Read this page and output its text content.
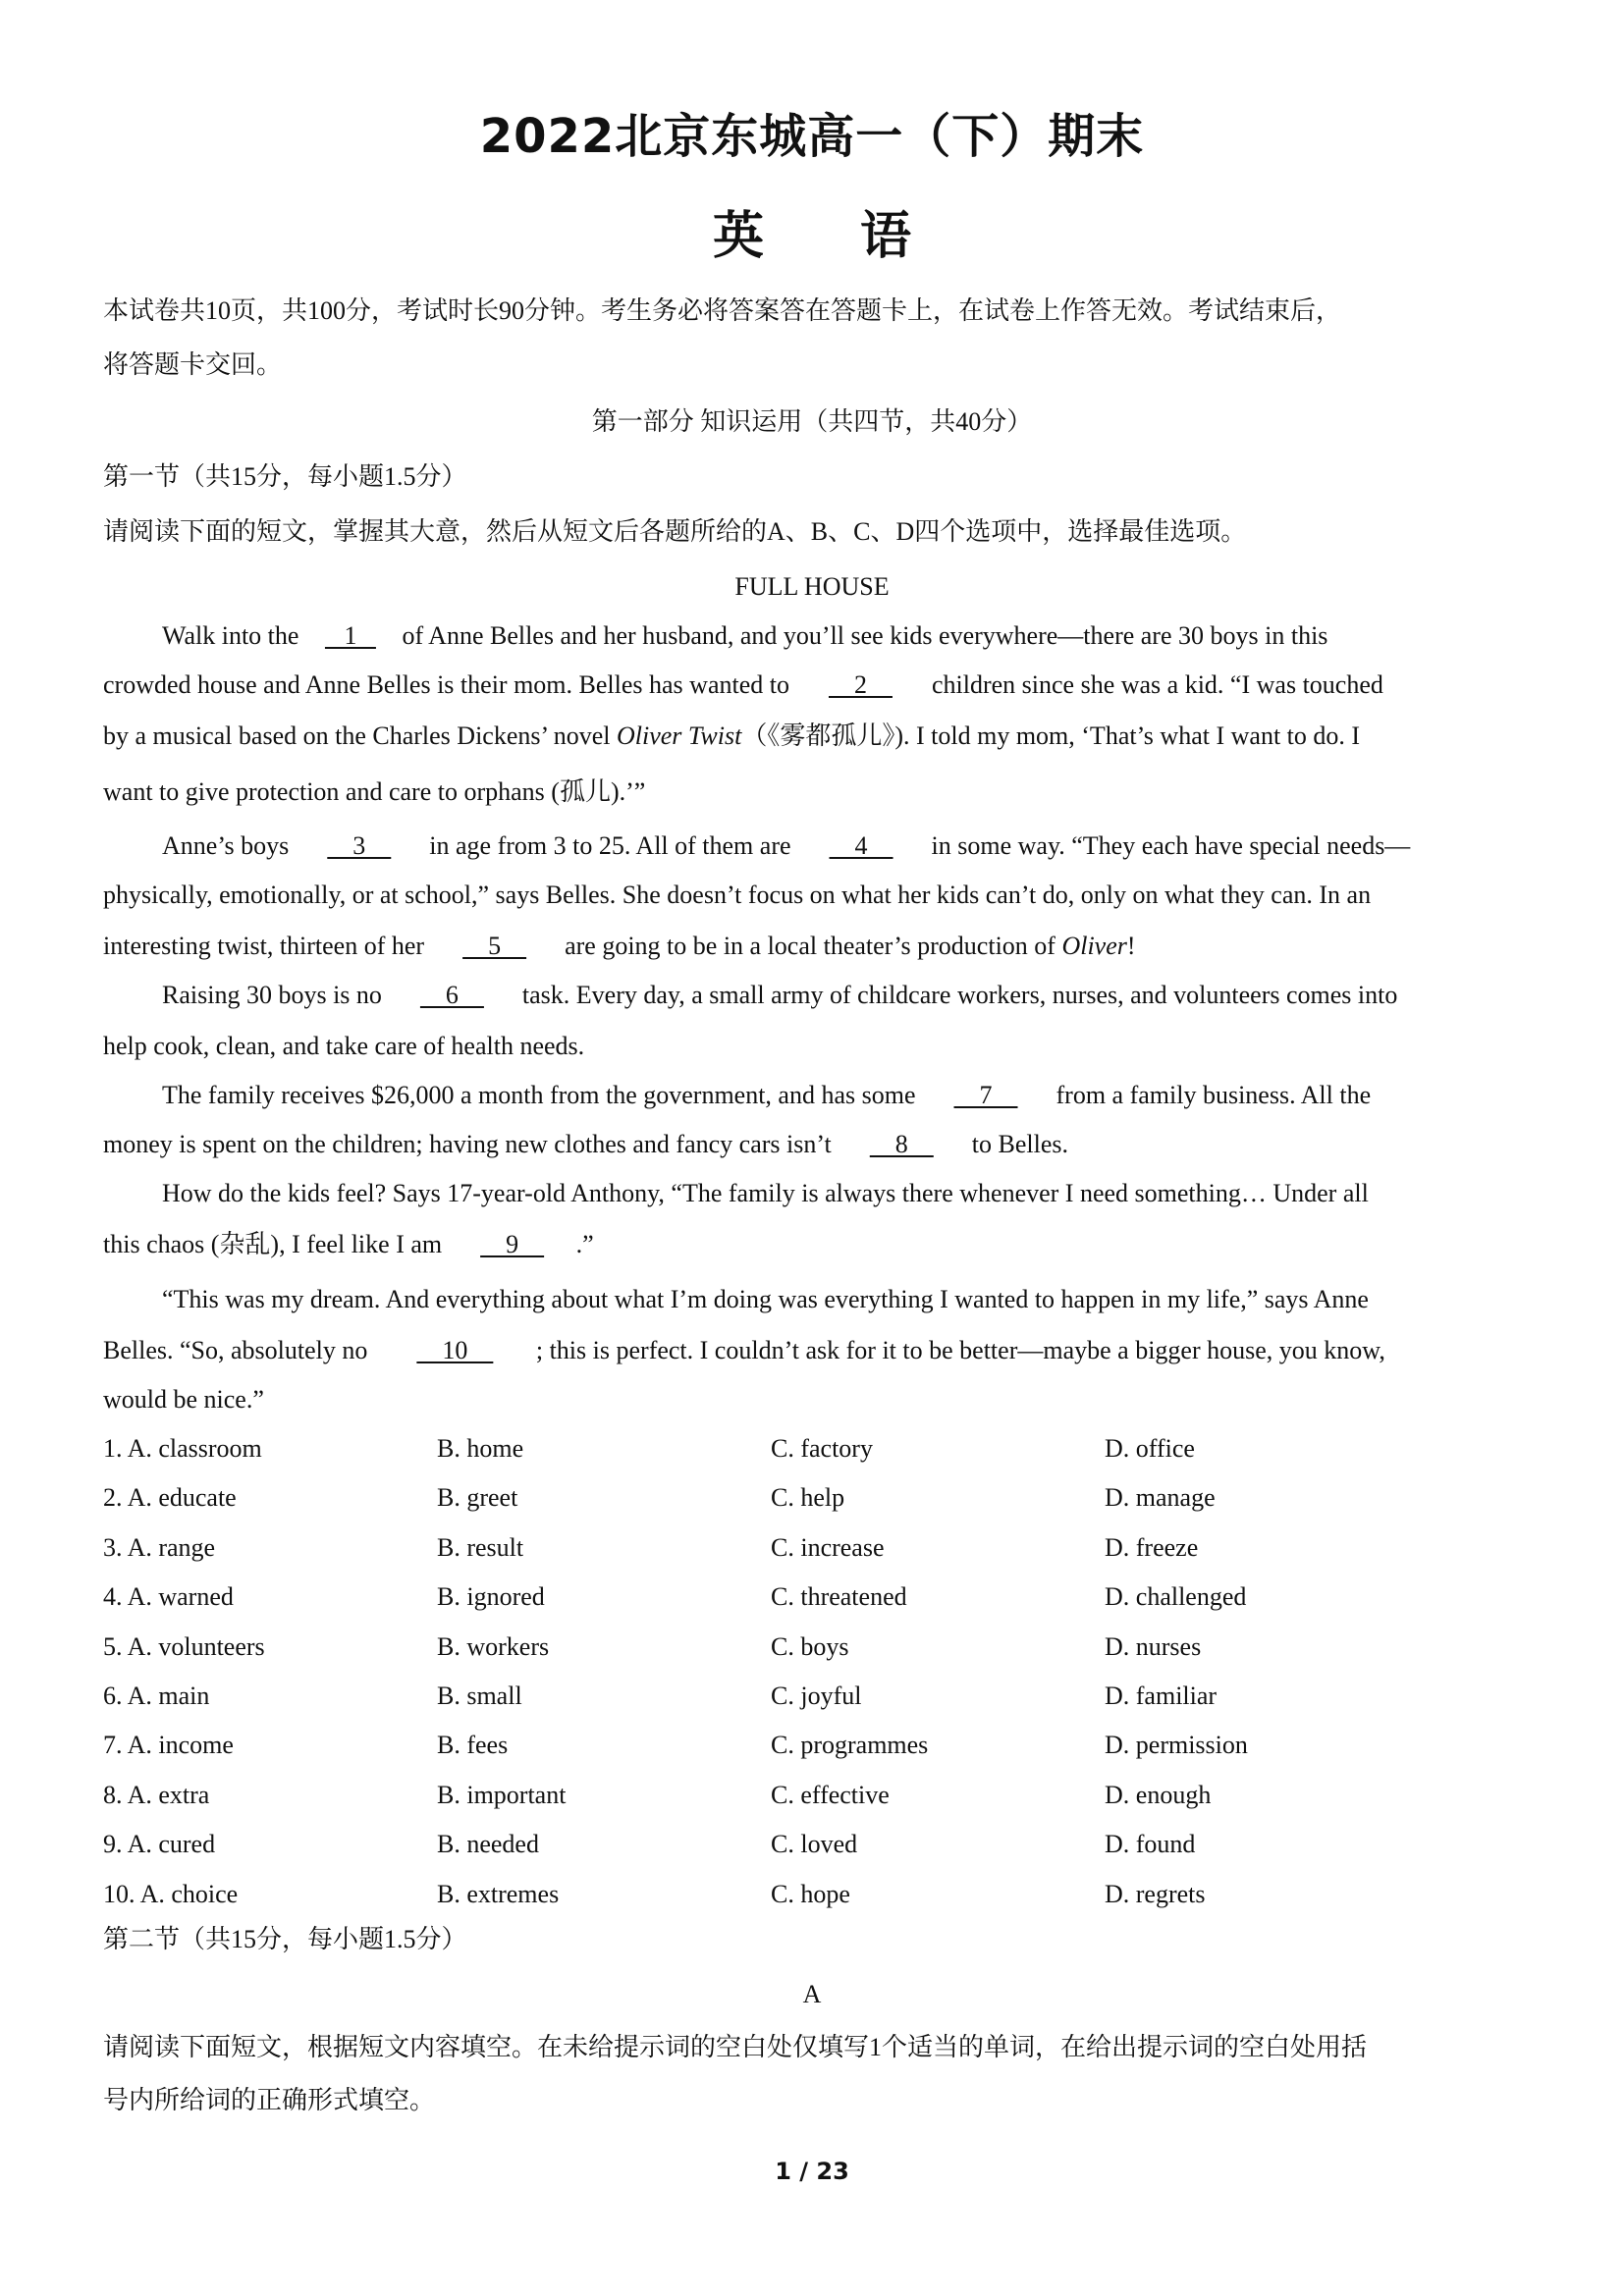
2022北京东城高一（下）期末
英 语
本试卷共10页，共100分，考试时长90分钟。考生务必将答案答在答题卡上，在试卷上作答无效。考试结束后，
将答题卡交回。
第一部分 知识运用（共四节，共40分）
第一节（共15分，每小题1.5分）
请阅读下面的短文，掌握其大意，然后从短文后各题所给的A、B、C、D四个选项中，选择最佳选项。
FULL HOUSE
Walk into the    1    of Anne Belles and her husband, and you’ll see kids everywhere—there are 30 boys in this
crowded house and Anne Belles is their mom. Belles has wanted to     2     children since she was a kid. “I was touched
by a musical based on the Charles Dickens’ novel Oliver Twist（《雾都孤儿》). I told my mom, ‘That’s what I want to do. I
want to give protection and care to orphans (孤儿).’”
Anne’s boys     3     in age from 3 to 25. All of them are     4     in some way. “They each have special needs—
physically, emotionally, or at school,” says Belles. She doesn’t focus on what her kids can’t do, only on what they can. In an
interesting twist, thirteen of her     5     are going to be in a local theater’s production of Oliver!
Raising 30 boys is no     6     task. Every day, a small army of childcare workers, nurses, and volunteers comes into
help cook, clean, and take care of health needs.
The family receives $26,000 a month from the government, and has some     7     from a family business. All the
money is spent on the children; having new clothes and fancy cars isn’t     8     to Belles.
How do the kids feel? Says 17-year-old Anthony, “The family is always there whenever I need something… Under all
this chaos (杂乱), I feel like I am     9    .”
“This was my dream. And everything about what I’m doing was everything I wanted to happen in my life,” says Anne
Belles. “So, absolutely no     10    ; this is perfect. I couldn’t ask for it to be better—maybe a bigger house, you know,
would be nice.”
1. A. classroom	B. home	C. factory	D. office
2. A. educate	B. greet	C. help	D. manage
3. A. range	B. result	C. increase	D. freeze
4. A. warned	B. ignored	C. threatened	D. challenged
5. A. volunteers	B. workers	C. boys	D. nurses
6. A. main	B. small	C. joyful	D. familiar
7. A. income	B. fees	C. programmes	D. permission
8. A. extra	B. important	C. effective	D. enough
9. A. cured	B. needed	C. loved	D. found
10. A. choice	B. extremes	C. hope	D. regrets
第二节（共15分，每小题1.5分）
A
请阅读下面短文，根据短文内容填空。在未给提示词的空白处仅填写1个适当的单词，在给出提示词的空白处用括
号内所给词的正确形式填空。
1 / 23
